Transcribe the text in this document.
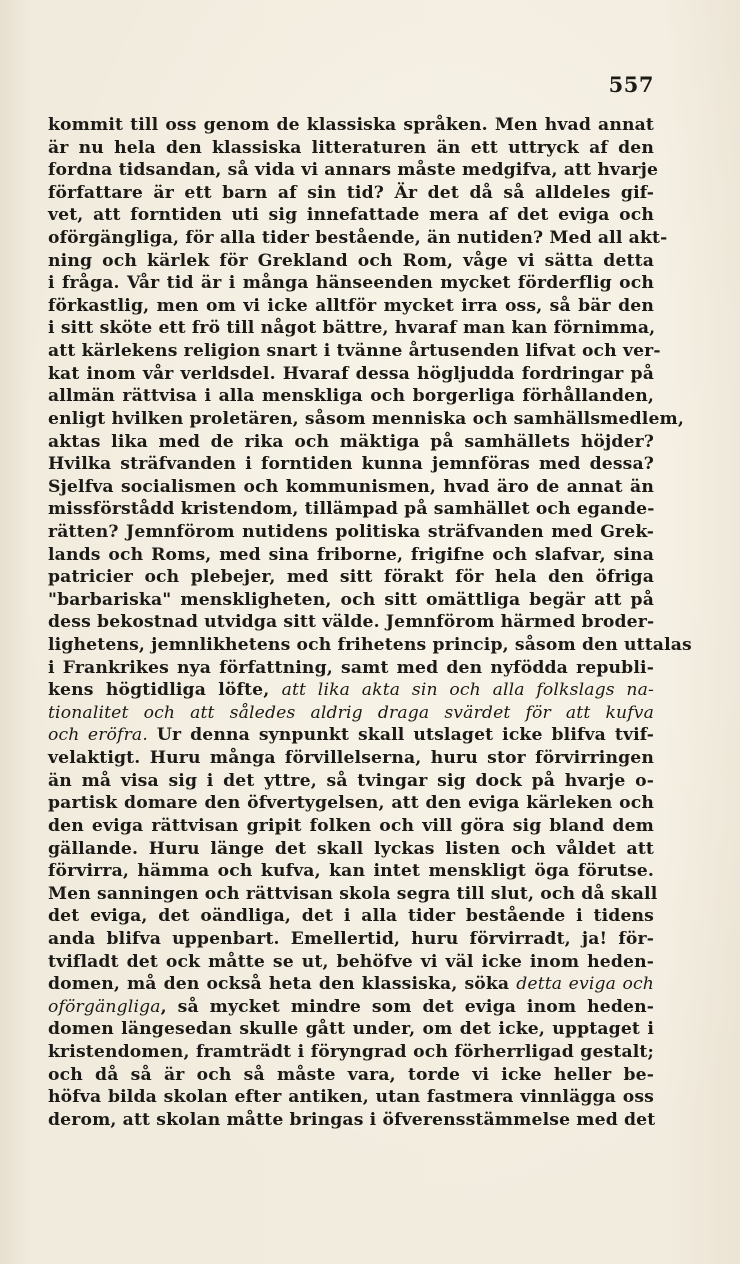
557
kommit till oss genom de klassiska språken. Men hvad annat
är nu hela den klassiska litteraturen än ett uttryck af den
fordna tidsandan, så vida vi annars måste medgifva, att hvarje
författare är ett barn af sin tid? Är det då så alldeles gif-
vet, att forntiden uti sig innefattade mera af det eviga och
oförgängliga, för alla tider bestående, än nutiden? Med all akt-
ning och kärlek för Grekland och Rom, våge vi sätta detta
i fråga. Vår tid är i många hänseenden mycket förderflig och
förkastlig, men om vi icke alltför mycket irra oss, så bär den
i sitt sköte ett frö till något bättre, hvaraf man kan förnimma,
att kärlekens religion snart i tvänne årtusenden lifvat och ver-
kat inom vår verldsdel. Hvaraf dessa högljudda fordringar på
allmän rättvisa i alla menskliga och borgerliga förhållanden,
enligt hvilken proletären, såsom menniska och samhällsmedlem,
aktas lika med de rika och mäktiga på samhällets höjder?
Hvilka sträfvanden i forntiden kunna jemnföras med dessa?
Sjelfva socialismen och kommunismen, hvad äro de annat än
missförstådd kristendom, tillämpad på samhället och egande-
rätten? Jemnförom nutidens politiska sträfvanden med Grek-
lands och Roms, med sina friborne, frigifne och slafvar, sina
patricier och plebejer, med sitt förakt för hela den öfriga
"barbariska" menskligheten, och sitt omättliga begär att på
dess bekostnad utvidga sitt välde. Jemnförom härmed broder-
lighetens, jemnlikhetens och frihetens princip, såsom den uttalas
i Frankrikes nya författning, samt med den nyfödda republi-
kens högtidliga löfte, att lika akta sin och alla folkslags na-
tionalitet och att således aldrig draga svärdet för att kufva
och eröfra. Ur denna synpunkt skall utslaget icke blifva tvif-
velaktigt. Huru många förvillelserna, huru stor förvirringen
än må visa sig i det yttre, så tvingar sig dock på hvarje o-
partisk domare den öfvertygelsen, att den eviga kärleken och
den eviga rättvisan gripit folken och vill göra sig bland dem
gällande. Huru länge det skall lyckas listen och våldet att
förvirra, hämma och kufva, kan intet menskligt öga förutse.
Men sanningen och rättvisan skola segra till slut, och då skall
det eviga, det oändliga, det i alla tider bestående i tidens
anda blifva uppenbart. Emellertid, huru förvirradt, ja! för-
tvifladt det ock måtte se ut, behöfve vi väl icke inom heden-
domen, må den också heta den klassiska, söka detta eviga och
oförgängliga, så mycket mindre som det eviga inom heden-
domen längesedan skulle gått under, om det icke, upptaget i
kristendomen, framträdt i föryngrad och förherrligad gestalt;
och då så är och så måste vara, torde vi icke heller be-
höfva bilda skolan efter antiken, utan fastmera vinnlägga oss
derom, att skolan måtte bringas i öfverensstämmelse med det
